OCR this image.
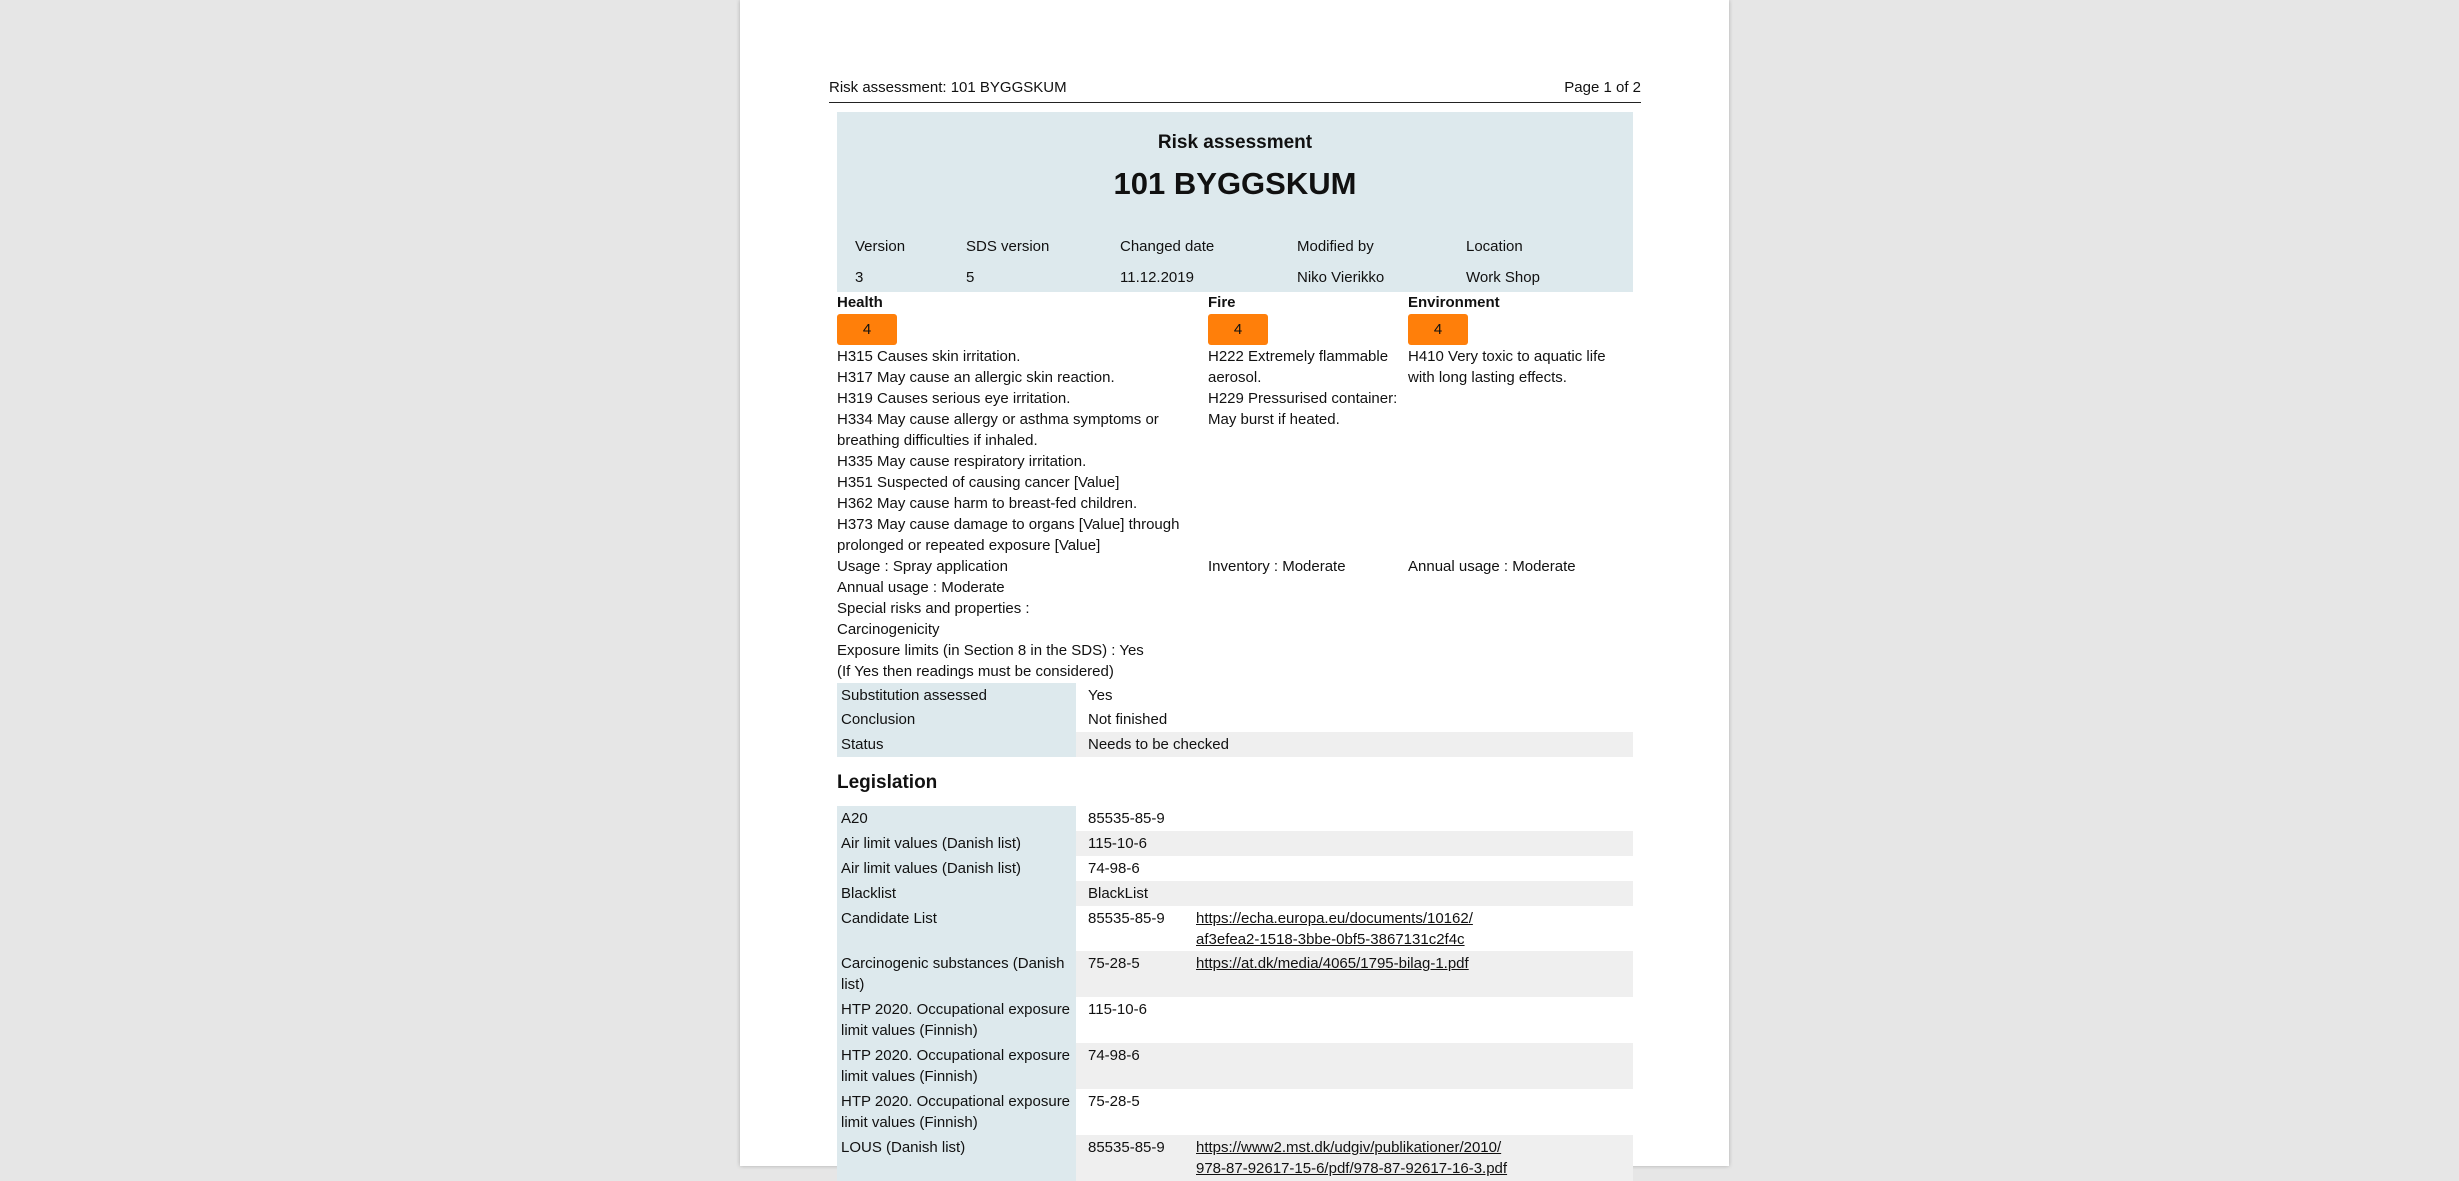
Risk assessment: 101 BYGGSKUM	Page 1 of 2
Risk assessment
101 BYGGSKUM
Version	SDS version	Changed date	Modified by	Location
3	5	11.12.2019	Niko Vierikko	Work Shop
Health
4
H315 Causes skin irritation.
H317 May cause an allergic skin reaction.
H319 Causes serious eye irritation.
H334 May cause allergy or asthma symptoms or
breathing difficulties if inhaled.
H335 May cause respiratory irritation.
H351 Suspected of causing cancer [Value]
H362 May cause harm to breast-fed children.
H373 May cause damage to organs [Value] through
prolonged or repeated exposure [Value]
Usage : Spray application
Annual usage : Moderate
Special risks and properties :
Carcinogenicity
Exposure limits (in Section 8 in the SDS) : Yes
(If Yes then readings must be considered)
Fire
4
H222 Extremely flammable
aerosol.
H229 Pressurised container:
May burst if heated.
Inventory : Moderate
Environment
4
H410 Very toxic to aquatic life
with long lasting effects.
Annual usage : Moderate
Substitution assessed	Yes
Conclusion	Not finished
Status	Needs to be checked
Legislation
A20	85535-85-9
Air limit values (Danish list)	115-10-6
Air limit values (Danish list)	74-98-6
Blacklist	BlackList
Candidate List	85535-85-9 https://echa.europa.eu/documents/10162/
af3efea2-1518-3bbe-0bf5-3867131c2f4c
Carcinogenic substances (Danish
list)
75-28-5	https://at.dk/media/4065/1795-bilag-1.pdf
HTP 2020. Occupational exposure
limit values (Finnish)
115-10-6
HTP 2020. Occupational exposure
limit values (Finnish)
74-98-6
HTP 2020. Occupational exposure
limit values (Finnish)
75-28-5
LOUS (Danish list)	85535-85-9 https://www2.mst.dk/udgiv/publikationer/2010/
978-87-92617-15-6/pdf/978-87-92617-16-3.pdf
